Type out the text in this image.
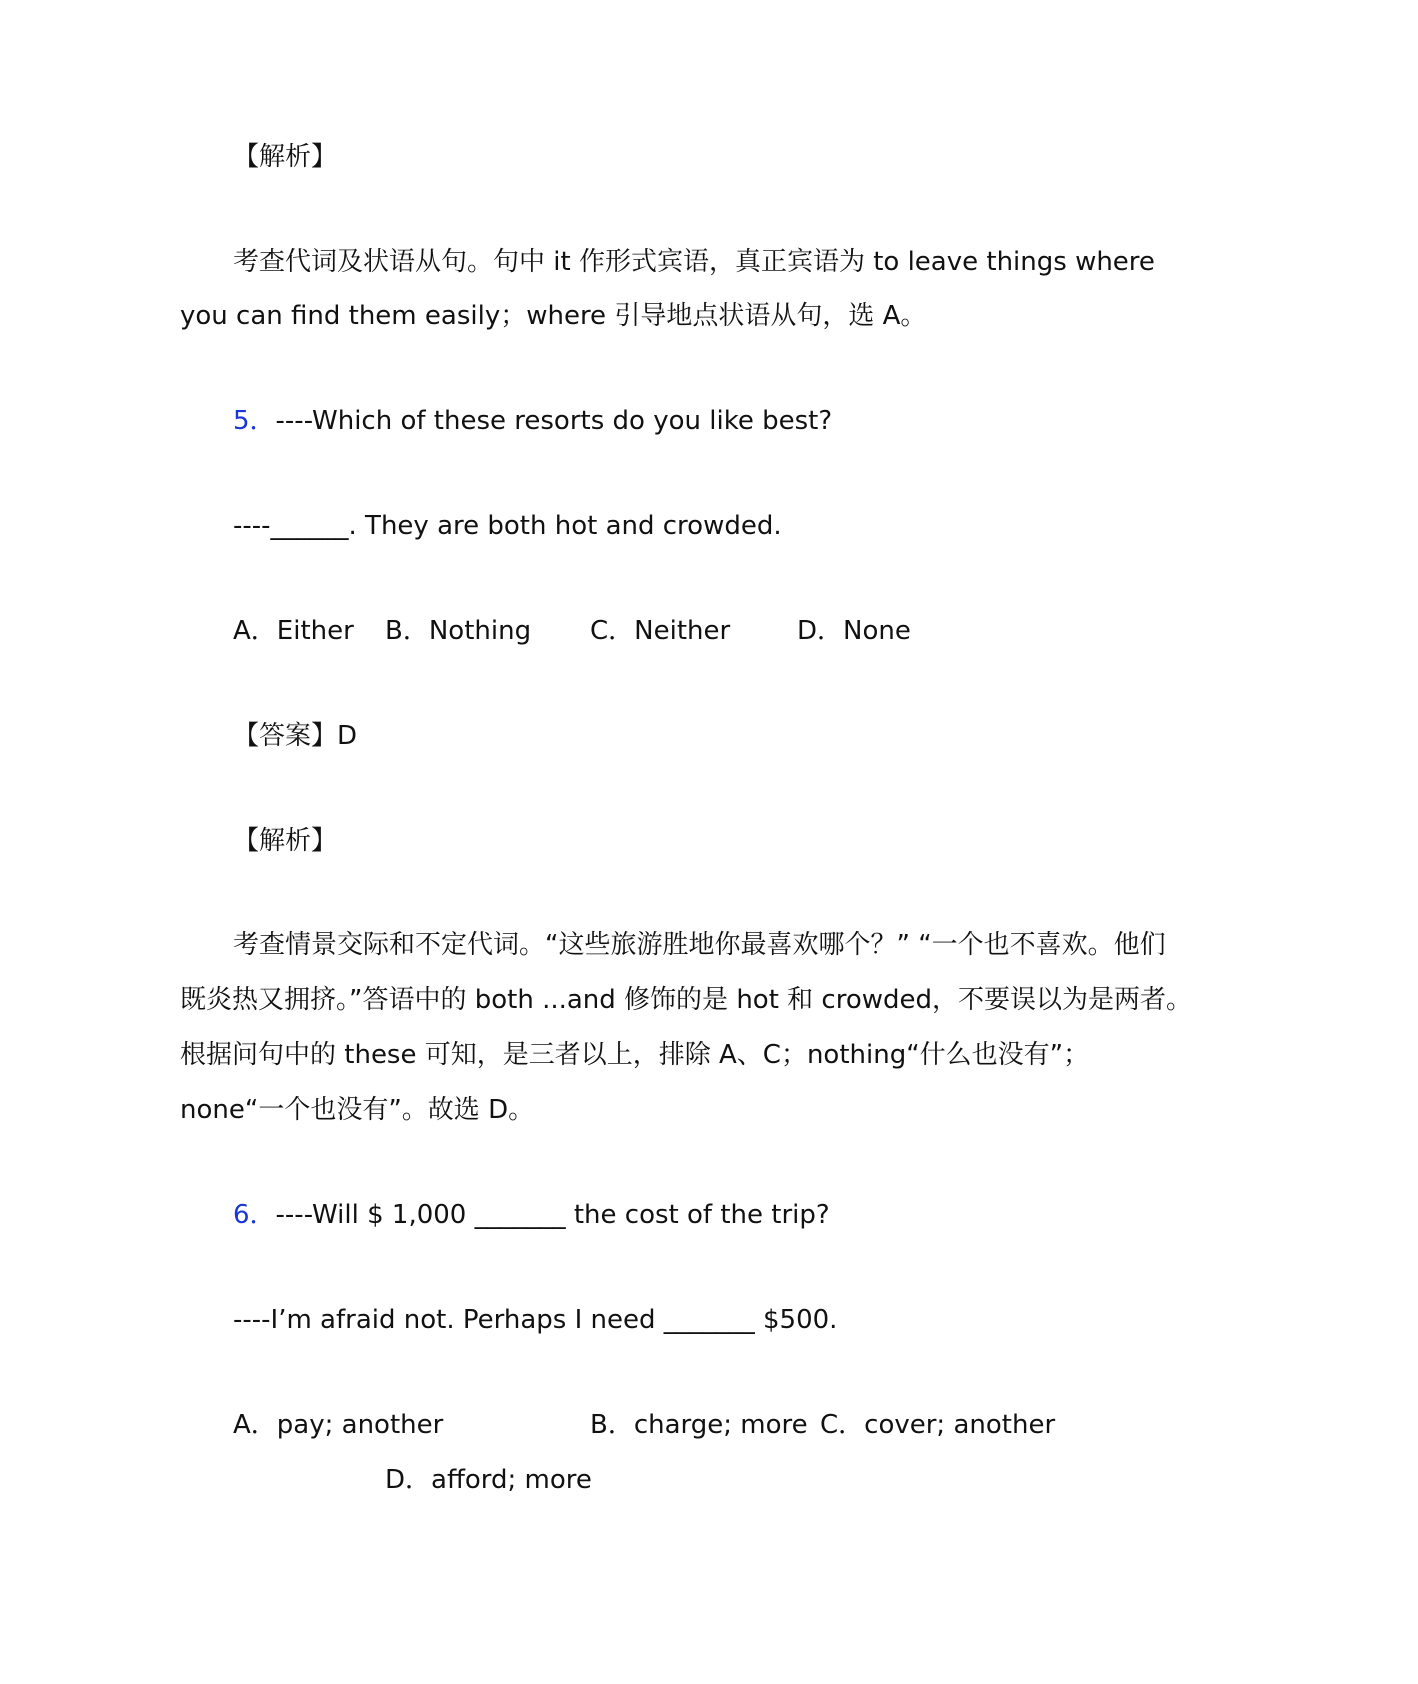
【解析】
考查代词及状语从句。句中 it 作形式宾语，真正宾语为 to leave things where
you can find them easily；where 引导地点状语从句，选 A。
5．----Which of these resorts do you like best?
----______. They are both hot and crowded.
A．Either B．Nothing C．Neither	D．None
【答案】D
【解析】
考查情景交际和不定代词。“这些旅游胜地你最喜欢哪个？” “一个也不喜欢。他们
既炎热又拥挤。”答语中的 both ...and 修饰的是 hot 和 crowded，不要误以为是两者。
根据问句中的 these 可知，是三者以上，排除 A、C；nothing“什么也没有”；
none“一个也没有”。故选 D。
6．----Will $ 1,000 _______ the cost of the trip?
----I’m afraid not. Perhaps I need _______ $500.
A．pay; another	B．charge; more C．cover; another
D．afford; more
